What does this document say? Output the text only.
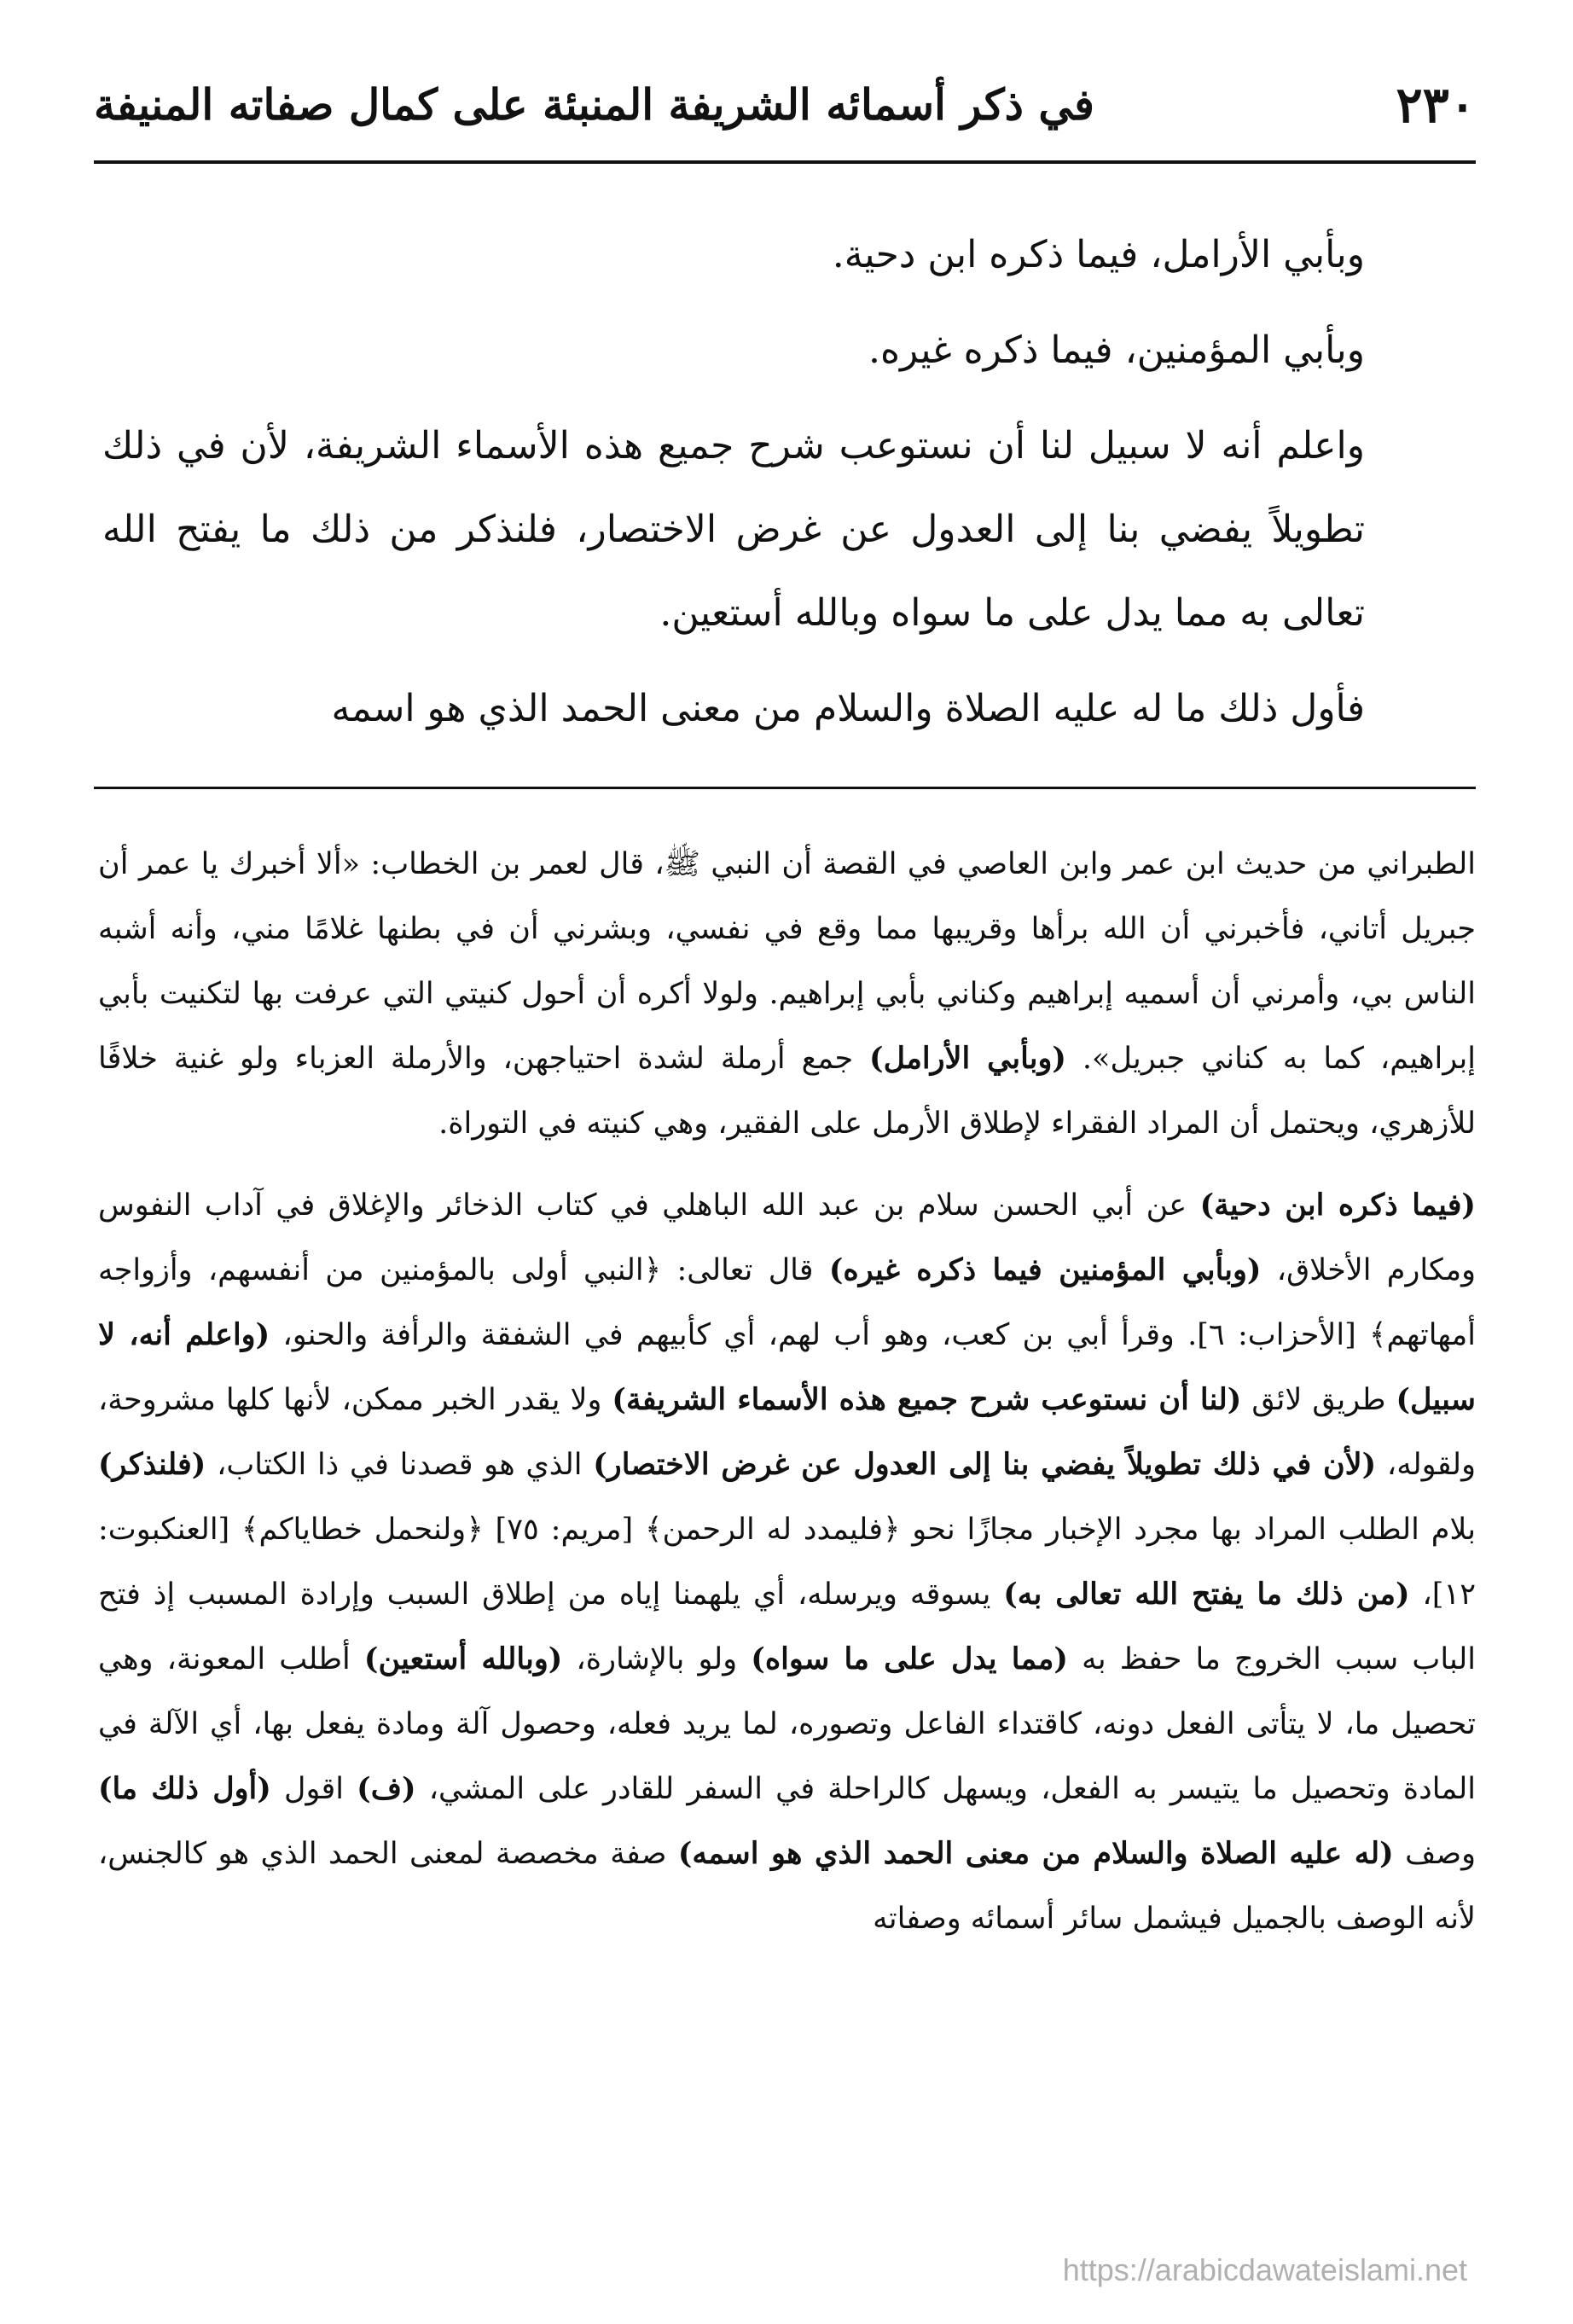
٢٣٠
في ذكر أسمائه الشريفة المنبئة على كمال صفاته المنيفة

وبأبي الأرامل، فيما ذكره ابن دحية.

وبأبي المؤمنين، فيما ذكره غيره.

واعلم أنه لا سبيل لنا أن نستوعب شرح جميع هذه الأسماء الشريفة، لأن في ذلك تطويلاً يفضي بنا إلى العدول عن غرض الاختصار، فلنذكر من ذلك ما يفتح الله تعالى به مما يدل على ما سواه وبالله أستعين.

فأول ذلك ما له عليه الصلاة والسلام من معنى الحمد الذي هو اسمه

الطبراني من حديث ابن عمر وابن العاصي في القصة أن النبي ﷺ، قال لعمر بن الخطاب: «ألا أخبرك يا عمر أن جبريل أتاني، فأخبرني أن الله برأها وقريبها مما وقع في نفسي، وبشرني أن في بطنها غلامًا مني، وأنه أشبه الناس بي، وأمرني أن أسميه إبراهيم وكناني بأبي إبراهيم. ولولا أكره أن أحول كنيتي التي عرفت بها لتكنيت بأبي إبراهيم، كما به كناني جبريل». (وبأبي الأرامل) جمع أرملة لشدة احتياجهن، والأرملة العزباء ولو غنية خلافًا للأزهري، ويحتمل أن المراد الفقراء لإطلاق الأرمل على الفقير، وهي كنيته في التوراة.

(فيما ذكره ابن دحية) عن أبي الحسن سلام بن عبد الله الباهلي في كتاب الذخائر والإغلاق في آداب النفوس ومكارم الأخلاق، (وبأبي المؤمنين فيما ذكره غيره) قال تعالى: ﴿النبي أولى بالمؤمنين من أنفسهم، وأزواجه أمهاتهم﴾ [الأحزاب: ٦]. وقرأ أبي بن كعب، وهو أب لهم، أي كأبيهم في الشفقة والرأفة والحنو، (واعلم أنه، لا سبيل) طريق لائق (لنا أن نستوعب شرح جميع هذه الأسماء الشريفة) ولا يقدر الخبر ممكن، لأنها كلها مشروحة، ولقوله، (لأن في ذلك تطويلاً يفضي بنا إلى العدول عن غرض الاختصار) الذي هو قصدنا في ذا الكتاب، (فلنذكر) بلام الطلب المراد بها مجرد الإخبار مجازًا نحو ﴿فليمدد له الرحمن﴾ [مريم: ٧٥] ﴿ولنحمل خطاياكم﴾ [العنكبوت: ١٢]، (من ذلك ما يفتح الله تعالى به) يسوقه ويرسله، أي يلهمنا إياه من إطلاق السبب وإرادة المسبب إذ فتح الباب سبب الخروج ما حفظ به (مما يدل على ما سواه) ولو بالإشارة، (وبالله أستعين) أطلب المعونة، وهي تحصيل ما، لا يتأتى الفعل دونه، كاقتداء الفاعل وتصوره، لما يريد فعله، وحصول آلة ومادة يفعل بها، أي الآلة في المادة وتحصيل ما يتيسر به الفعل، ويسهل كالراحلة في السفر للقادر على المشي، (ف) اقول (أول ذلك ما) وصف (له عليه الصلاة والسلام من معنى الحمد الذي هو اسمه) صفة مخصصة لمعنى الحمد الذي هو كالجنس، لأنه الوصف بالجميل فيشمل سائر أسمائه وصفاته

https://arabicdawateislami.net
